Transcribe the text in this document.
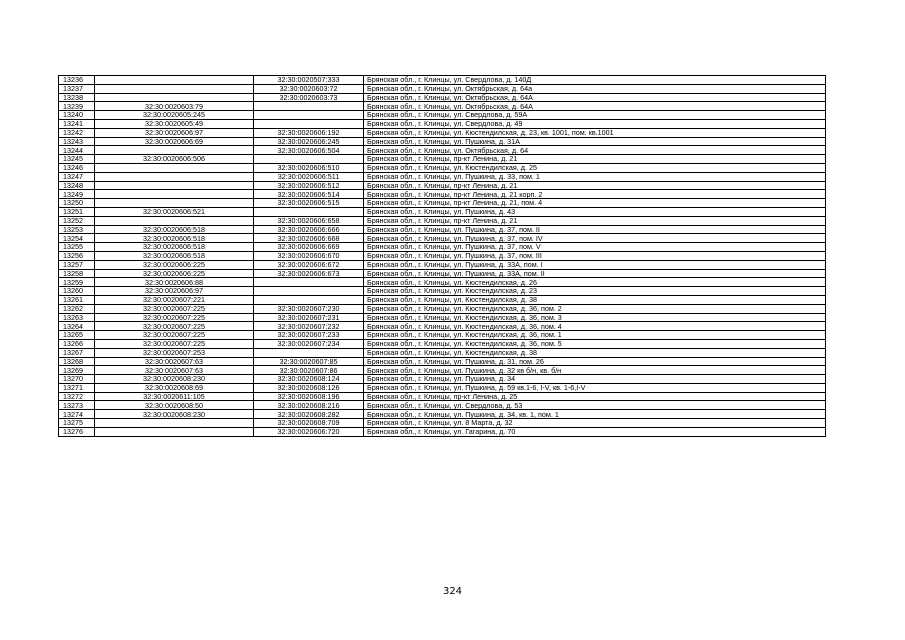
13236		32:30:0020507:333	Брянская обл., г. Клинцы, ул. Свердлова, д. 140Д
13237		32:30:0020603:72	Брянская обл., г. Клинцы, ул. Октябрьская, д. 64а
13238		32:30:0020603:73	Брянская обл., г. Клинцы, ул. Октябрьская, д. 64А
13239	32:30:0020603:79		Брянская обл., г. Клинцы, ул. Октябрьская, д. 64А
13240	32:30:0020605:245		Брянская обл., г. Клинцы, ул. Свердлова, д. 59А
13241	32:30:0020605:49		Брянская обл., г. Клинцы, ул. Свердлова, д. 49
13242	32:30:0020606:97	32:30:0020606:192	Брянская обл., г. Клинцы, ул. Кюстендилская, д. 23, кв. 1001, пом. кв.1001
13243	32:30:0020606:69	32:30:0020606:245	Брянская обл., г. Клинцы, ул. Пушкина, д. 31А
13244		32:30:0020606:504	Брянская обл., г. Клинцы, ул. Октябрьская, д. 64
13245	32:30:0020606:506		Брянская обл., г. Клинцы, пр-кт Ленина, д. 21
13246		32:30:0020606:510	Брянская обл., г. Клинцы, ул. Кюстендилская, д. 25
13247		32:30:0020606:511	Брянская обл., г. Клинцы, ул. Пушкина, д. 33, пом. 1
13248		32:30:0020606:512	Брянская обл., г. Клинцы, пр-кт Ленина, д. 21
13249		32:30:0020606:514	Брянская обл., г. Клинцы, пр-кт Ленина, д. 21 корп. 2
13250		32:30:0020606:515	Брянская обл., г. Клинцы, пр-кт Ленина, д. 21, пом. 4
13251	32:30:0020606:521		Брянская обл., г. Клинцы, ул. Пушкина, д. 43
13252		32:30:0020606:658	Брянская обл., г. Клинцы, пр-кт Ленина, д. 21
13253	32:30:0020606:518	32:30:0020606:666	Брянская обл., г. Клинцы, ул. Пушкина, д. 37, пом. II
13254	32:30:0020606:518	32:30:0020606:668	Брянская обл., г. Клинцы, ул. Пушкина, д. 37, пом. IV
13255	32:30:0020606:518	32:30:0020606:669	Брянская обл., г. Клинцы, ул. Пушкина, д. 37, пом. V
13256	32:30:0020606:518	32:30:0020606:670	Брянская обл., г. Клинцы, ул. Пушкина, д. 37, пом. III
13257	32:30:0020606:225	32:30:0020606:672	Брянская обл., г. Клинцы, ул. Пушкина, д. 33А, пом. I
13258	32:30:0020606:225	32:30:0020606:673	Брянская обл., г. Клинцы, ул. Пушкина, д. 33А, пом. II
13259	32:30:0020606:88		Брянская обл., г. Клинцы, ул. Кюстендилская, д. 26
13260	32:30:0020606:97		Брянская обл., г. Клинцы, ул. Кюстендилская, д. 23
13261	32:30:0020607:221		Брянская обл., г. Клинцы, ул. Кюстендилская, д. 38
13262	32:30:0020607:225	32:30:0020607:230	Брянская обл., г. Клинцы, ул. Кюстендилская, д. 36, пом. 2
13263	32:30:0020607:225	32:30:0020607:231	Брянская обл., г. Клинцы, ул. Кюстендилская, д. 36, пом. 3
13264	32:30:0020607:225	32:30:0020607:232	Брянская обл., г. Клинцы, ул. Кюстендилская, д. 36, пом. 4
13265	32:30:0020607:225	32:30:0020607:233	Брянская обл., г. Клинцы, ул. Кюстендилская, д. 36, пом. 1
13266	32:30:0020607:225	32:30:0020607:234	Брянская обл., г. Клинцы, ул. Кюстендилская, д. 36, пом. 5
13267	32:30:0020607:253		Брянская обл., г. Клинцы, ул. Кюстендилская, д. 38
13268	32:30:0020607:63	32:30:0020607:85	Брянская обл., г. Клинцы, ул. Пушкина, д. 31, пом. 26
13269	32:30:0020607:63	32:30:0020607:86	Брянская обл., г. Клинцы, ул. Пушкина, д. 32 кв б/н, кв. б/н
13270	32:30:0020608:230	32:30:0020608:124	Брянская обл., г. Клинцы, ул. Пушкина, д. 34
13271	32:30:0020608:69	32:30:0020608:126	Брянская обл., г. Клинцы, ул. Пушкина, д. 59 кв.1-6, I-V, кв. 1-6,I-V
13272	32:30:0020611:105	32:30:0020608:196	Брянская обл., г. Клинцы, пр-кт Ленина, д. 25
13273	32:30:0020608:50	32:30:0020608:216	Брянская обл., г. Клинцы, ул. Свердлова, д. 53
13274	32:30:0020608:230	32:30:0020608:282	Брянская обл., г. Клинцы, ул. Пушкина, д. 34, кв. 1, пом. 1
13275		32:30:0020608:709	Брянская обл., г. Клинцы, ул. 8 Марта, д. 32
13276		32:30:0020606:720	Брянская обл., г. Клинцы, ул. Гагарина, д. 70
324
